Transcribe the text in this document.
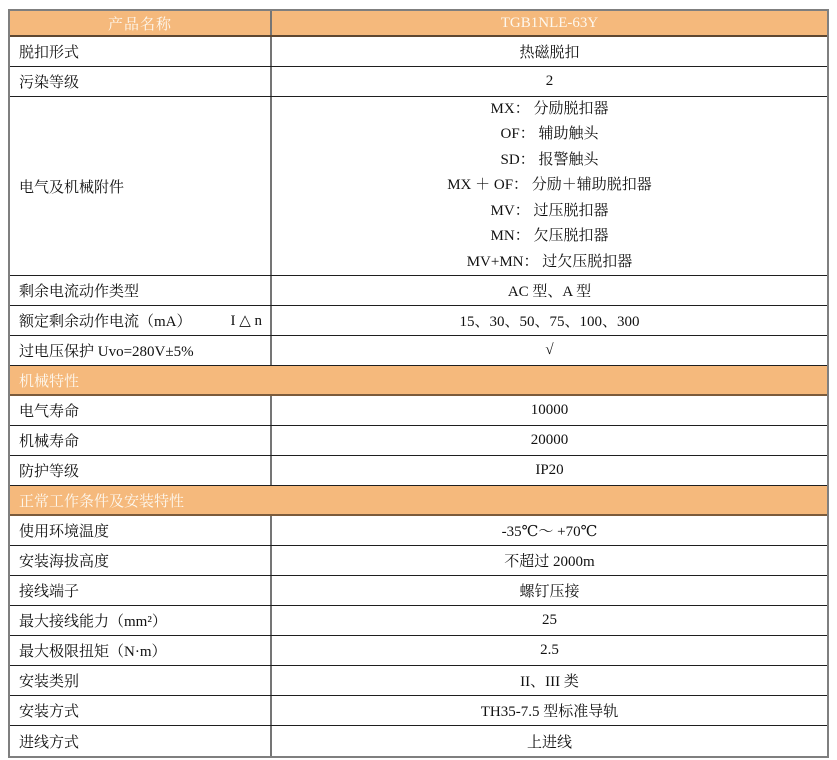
产品名称	TGB1NLE-63Y
脱扣形式	热磁脱扣
污染等级	2
电气及机械附件
MX： 分励脱扣器
OF： 辅助触头
SD： 报警触头
MX ＋ OF： 分励＋辅助脱扣器
MV： 过压脱扣器
MN： 欠压脱扣器
MV+MN： 过欠压脱扣器
剩余电流动作类型	AC 型、A 型
额定剩余动作电流（mA）	I △ n	15、30、50、75、100、300
过电压保护 Uvo=280V±5%	√
机械特性
电气寿命	10000
机械寿命	20000
防护等级	IP20
正常工作条件及安装特性
使用环境温度	-35℃～ +70℃
安装海拔高度	不超过 2000m
接线端子	螺钉压接
最大接线能力（mm²）	25
最大极限扭矩（N·m）	2.5
安装类别	II、III 类
安装方式	TH35-7.5 型标准导轨
进线方式	上进线
